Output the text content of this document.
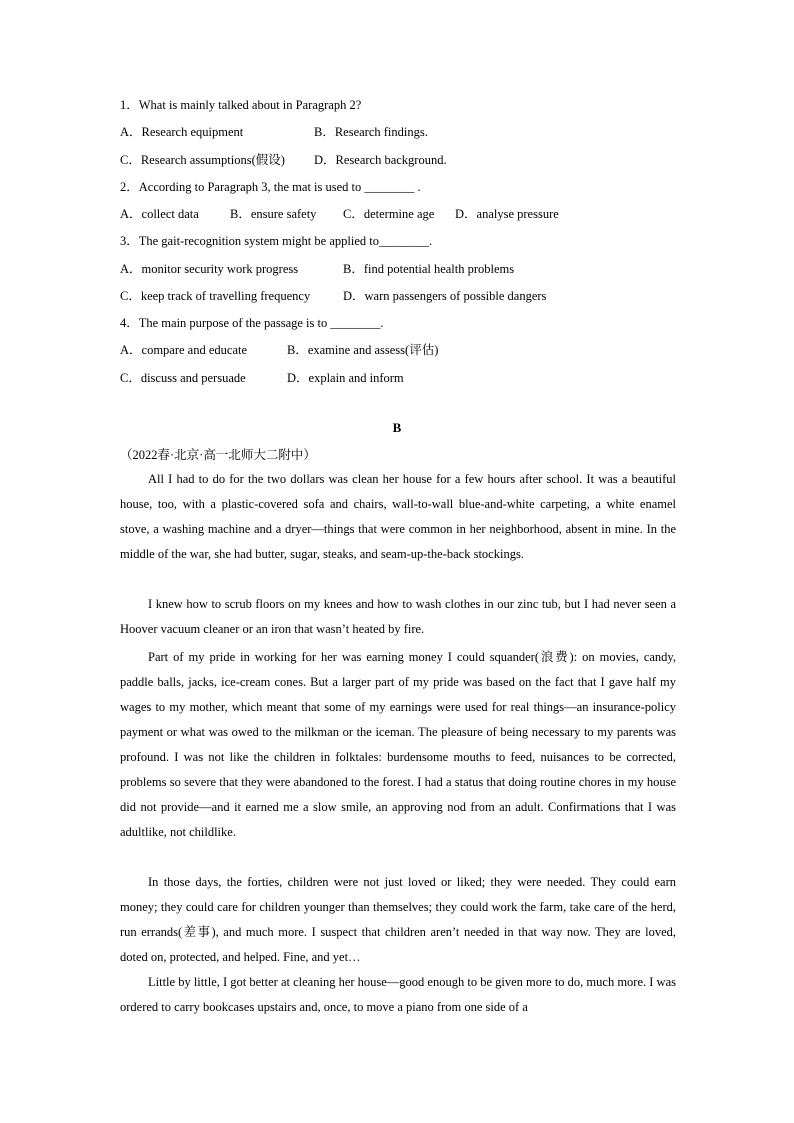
1．What is mainly talked about in Paragraph 2?
A．Research equipment	B．Research findings.
C．Research assumptions(假设) D．Research background.
2．According to Paragraph 3, the mat is used to ________ .
A．collect data B．ensure safety C．determine age D．analyse pressure
3．The gait-recognition system might be applied to________.
A．monitor security work progress	B．find potential health problems
C．keep track of travelling frequency	D．warn passengers of possible dangers
4．The main purpose of the passage is to ________.
A．compare and educate	B．examine and assess(评估)
C．discuss and persuade	D．explain and inform
B
（2022春·北京·高一北师大二附中）
All I had to do for the two dollars was clean her house for a few hours after school. It was a beautiful house, too, with a plastic-covered sofa and chairs, wall-to-wall blue-and-white carpeting, a white enamel stove, a washing machine and a dryer—things that were common in her neighborhood, absent in mine. In the middle of the war, she had butter, sugar, steaks, and seam-up-the-back stockings.
I knew how to scrub floors on my knees and how to wash clothes in our zinc tub, but I had never seen a Hoover vacuum cleaner or an iron that wasn’t heated by fire.
Part of my pride in working for her was earning money I could squander(浪费): on movies, candy, paddle balls, jacks, ice-cream cones. But a larger part of my pride was based on the fact that I gave half my wages to my mother, which meant that some of my earnings were used for real things—an insurance-policy payment or what was owed to the milkman or the iceman. The pleasure of being necessary to my parents was profound. I was not like the children in folktales: burdensome mouths to feed, nuisances to be corrected, problems so severe that they were abandoned to the forest. I had a status that doing routine chores in my house did not provide—and it earned me a slow smile, an approving nod from an adult. Confirmations that I was adultlike, not childlike.
In those days, the forties, children were not just loved or liked; they were needed. They could earn money; they could care for children younger than themselves; they could work the farm, take care of the herd, run errands(差事), and much more. I suspect that children aren’t needed in that way now. They are loved, doted on, protected, and helped. Fine, and yet…
Little by little, I got better at cleaning her house—good enough to be given more to do, much more. I was ordered to carry bookcases upstairs and, once, to move a piano from one side of a
